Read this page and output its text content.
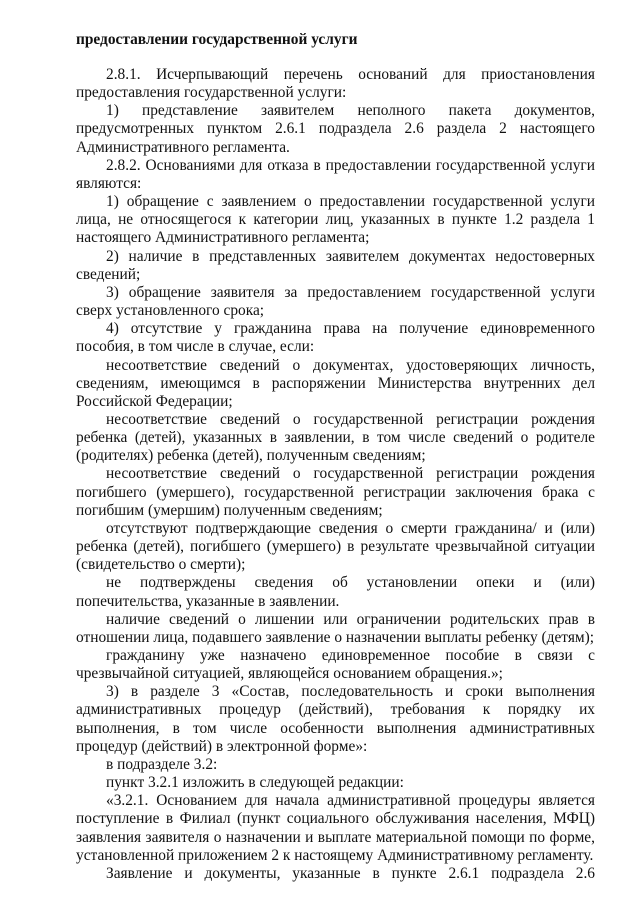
предоставлении государственной услуги

2.8.1. Исчерпывающий перечень оснований для приостановления предоставления государственной услуги:

1) представление заявителем неполного пакета документов, предусмотренных пунктом 2.6.1 подраздела 2.6 раздела 2 настоящего Административного регламента.

2.8.2. Основаниями для отказа в предоставлении государственной услуги являются:

1) обращение с заявлением о предоставлении государственной услуги лица, не относящегося к категории лиц, указанных в пункте 1.2 раздела 1 настоящего Административного регламента;

2) наличие в представленных заявителем документах недостоверных сведений;

3) обращение заявителя за предоставлением государственной услуги сверх установленного срока;

4) отсутствие у гражданина права на получение единовременного пособия, в том числе в случае, если:

несоответствие сведений о документах, удостоверяющих личность, сведениям, имеющимся в распоряжении Министерства внутренних дел Российской Федерации;

несоответствие сведений о государственной регистрации рождения ребенка (детей), указанных в заявлении, в том числе сведений о родителе (родителях) ребенка (детей), полученным сведениям;

несоответствие сведений о государственной регистрации рождения погибшего (умершего), государственной регистрации заключения брака с погибшим (умершим) полученным сведениям;

отсутствуют подтверждающие сведения о смерти гражданина/ и (или) ребенка (детей), погибшего (умершего) в результате чрезвычайной ситуации (свидетельство о смерти);

не подтверждены сведения об установлении опеки и (или) попечительства, указанные в заявлении.

наличие сведений о лишении или ограничении родительских прав в отношении лица, подавшего заявление о назначении выплаты ребенку (детям);

гражданину уже назначено единовременное пособие в связи с чрезвычайной ситуацией, являющейся основанием обращения.»;

3) в разделе 3 «Состав, последовательность и сроки выполнения административных процедур (действий), требования к порядку их выполнения, в том числе особенности выполнения административных процедур (действий) в электронной форме»:

в подразделе 3.2:

пункт 3.2.1 изложить в следующей редакции:

«3.2.1. Основанием для начала административной процедуры является поступление в Филиал (пункт социального обслуживания населения, МФЦ) заявления заявителя о назначении и выплате материальной помощи по форме, установленной приложением 2 к настоящему Административному регламенту.

Заявление и документы, указанные в пункте 2.6.1 подраздела 2.6
